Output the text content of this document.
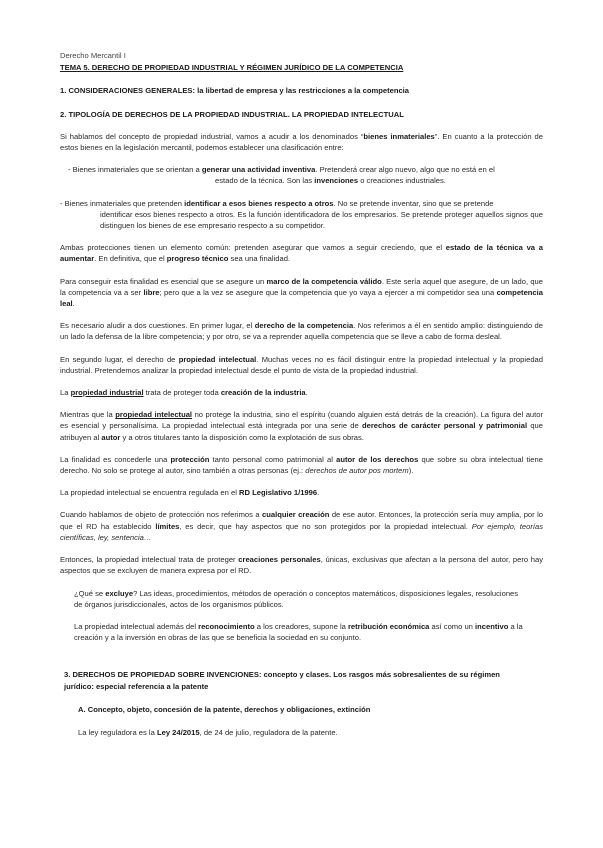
Derecho Mercantil I

TEMA 5. DERECHO DE PROPIEDAD INDUSTRIAL Y RÉGIMEN JURÍDICO DE LA COMPETENCIA

1. CONSIDERACIONES GENERALES: la libertad de empresa y las restricciones a la competencia

2. TIPOLOGÍA DE DERECHOS DE LA PROPIEDAD INDUSTRIAL. LA PROPIEDAD INTELECTUAL

Si hablamos del concepto de propiedad industrial, vamos a acudir a los denominados “bienes inmateriales”. En cuanto a la protección de estos bienes en la legislación mercantil, podemos establecer una clasificación entre:

- Bienes inmateriales que se orientan a generar una actividad inventiva. Pretenderá crear algo nuevo, algo que no está en el

estado de la técnica. Son las invenciones o creaciones industriales.

- Bienes inmateriales que pretenden identificar a esos bienes respecto a otros. No se pretende inventar, sino que se pretende

identificar esos bienes respecto a otros. Es la función identificadora de los empresarios. Se pretende proteger aquellos signos que distinguen los bienes de ese empresario respecto a su competidor.

Ambas protecciones tienen un elemento común: pretenden asegurar que vamos a seguir creciendo, que el estado de la técnica va a aumentar. En definitiva, que el progreso técnico sea una finalidad.

Para conseguir esta finalidad es esencial que se asegure un marco de la competencia válido. Este sería aquel que asegure, de un lado, que la competencia va a ser libre; pero que a la vez se asegure que la competencia que yo vaya a ejercer a mi competidor sea una competencia leal.

Es necesario aludir a dos cuestiones. En primer lugar, el derecho de la competencia. Nos referimos a él en sentido amplio: distinguiendo de un lado la defensa de la libre competencia; y por otro, se va a reprender aquella competencia que se lleve a cabo de forma desleal.

En segundo lugar, el derecho de propiedad intelectual. Muchas veces no es fácil distinguir entre la propiedad intelectual y la propiedad industrial. Pretendemos analizar la propiedad intelectual desde el punto de vista de la propiedad industrial.

La propiedad industrial trata de proteger toda creación de la industria.

Mientras que la propiedad intelectual no protege la industria, sino el espíritu (cuando alguien está detrás de la creación). La figura del autor es esencial y personalísima. La propiedad intelectual está integrada por una serie de derechos de carácter personal y patrimonial que atribuyen al autor y a otros titulares tanto la disposición como la explotación de sus obras.

La finalidad es concederle una protección tanto personal como patrimonial al autor de los derechos que sobre su obra intelectual tiene derecho. No solo se protege al autor, sino también a otras personas (ej.: derechos de autor pos mortem).

La propiedad intelectual se encuentra regulada en el RD Legislativo 1/1996.

Cuando hablamos de objeto de protección nos referimos a cualquier creación de ese autor. Entonces, la protección sería muy amplia, por lo que el RD ha establecido límites, es decir, que hay aspectos que no son protegidos por la propiedad intelectual. Por ejemplo, teorías científicas, ley, sentencia…

Entonces, la propiedad intelectual trata de proteger creaciones personales, únicas, exclusivas que afectan a la persona del autor, pero hay aspectos que se excluyen de manera expresa por el RD.

¿Qué se excluye? Las ideas, procedimientos, métodos de operación o conceptos matemáticos, disposiciones legales, resoluciones de órganos jurisdiccionales, actos de los organismos públicos.

La propiedad intelectual además del reconocimiento a los creadores, supone la retribución económica así como un incentivo a la creación y a la inversión en obras de las que se beneficia la sociedad en su conjunto.

3. DERECHOS DE PROPIEDAD SOBRE INVENCIONES: concepto y clases. Los rasgos más sobresalientes de su régimen jurídico: especial referencia a la patente

A. Concepto, objeto, concesión de la patente, derechos y obligaciones, extinción

La ley reguladora es la Ley 24/2015, de 24 de julio, reguladora de la patente.
